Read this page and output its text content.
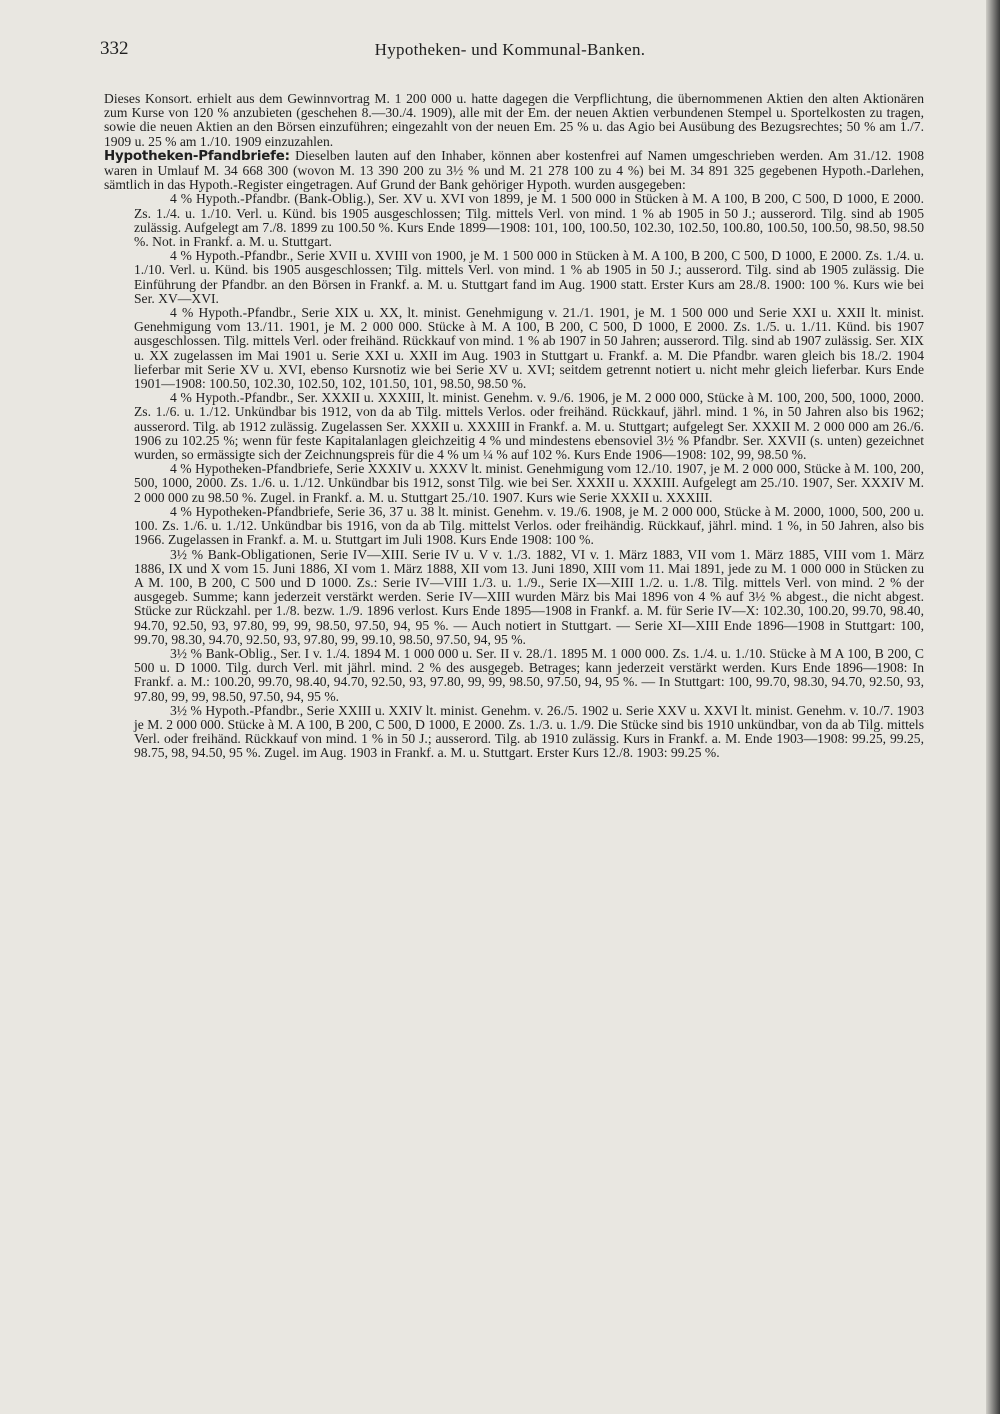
332	Hypotheken- und Kommunal-Banken.

Dieses Konsort. erhielt aus dem Gewinnvortrag M. 1 200 000 u. hatte dagegen die Verpflichtung, die übernommenen Aktien den alten Aktionären zum Kurse von 120 % anzubieten (geschehen 8.—30./4. 1909), alle mit der Em. der neuen Aktien verbundenen Stempel u. Sportelkosten zu tragen, sowie die neuen Aktien an den Börsen einzuführen; eingezahlt von der neuen Em. 25 % u. das Agio bei Ausübung des Bezugsrechtes; 50 % am 1./7. 1909 u. 25 % am 1./10. 1909 einzuzahlen.

Hypotheken-Pfandbriefe: Dieselben lauten auf den Inhaber, können aber kostenfrei auf Namen umgeschrieben werden. Am 31./12. 1908 waren in Umlauf M. 34 668 300 (wovon M. 13 390 200 zu 3½ % und M. 21 278 100 zu 4 %) bei M. 34 891 325 gegebenen Hypoth.-Darlehen, sämtlich in das Hypoth.-Register eingetragen. Auf Grund der Bank gehöriger Hypoth. wurden ausgegeben:

4 % Hypoth.-Pfandbr. (Bank-Oblig.), Ser. XV u. XVI von 1899, je M. 1 500 000 in Stücken à M. A 100, B 200, C 500, D 1000, E 2000. Zs. 1./4. u. 1./10. Verl. u. Künd. bis 1905 ausgeschlossen; Tilg. mittels Verl. von mind. 1 % ab 1905 in 50 J.; ausserord. Tilg. sind ab 1905 zulässig. Aufgelegt am 7./8. 1899 zu 100.50 %. Kurs Ende 1899—1908: 101, 100, 100.50, 102.30, 102.50, 100.80, 100.50, 100.50, 98.50, 98.50 %. Not. in Frankf. a. M. u. Stuttgart.

4 % Hypoth.-Pfandbr., Serie XVII u. XVIII von 1900, je M. 1 500 000 in Stücken à M. A 100, B 200, C 500, D 1000, E 2000. Zs. 1./4. u. 1./10. Verl. u. Künd. bis 1905 ausgeschlossen; Tilg. mittels Verl. von mind. 1 % ab 1905 in 50 J.; ausserord. Tilg. sind ab 1905 zulässig. Die Einführung der Pfandbr. an den Börsen in Frankf. a. M. u. Stuttgart fand im Aug. 1900 statt. Erster Kurs am 28./8. 1900: 100 %. Kurs wie bei Ser. XV—XVI.

4 % Hypoth.-Pfandbr., Serie XIX u. XX, lt. minist. Genehmigung v. 21./1. 1901, je M. 1 500 000 und Serie XXI u. XXII lt. minist. Genehmigung vom 13./11. 1901, je M. 2 000 000. Stücke à M. A 100, B 200, C 500, D 1000, E 2000. Zs. 1./5. u. 1./11. Künd. bis 1907 ausgeschlossen. Tilg. mittels Verl. oder freihänd. Rückkauf von mind. 1 % ab 1907 in 50 Jahren; ausserord. Tilg. sind ab 1907 zulässig. Ser. XIX u. XX zugelassen im Mai 1901 u. Serie XXI u. XXII im Aug. 1903 in Stuttgart u. Frankf. a. M. Die Pfandbr. waren gleich bis 18./2. 1904 lieferbar mit Serie XV u. XVI, ebenso Kursnotiz wie bei Serie XV u. XVI; seitdem getrennt notiert u. nicht mehr gleich lieferbar. Kurs Ende 1901—1908: 100.50, 102.30, 102.50, 102, 101.50, 101, 98.50, 98.50 %.

4 % Hypoth.-Pfandbr., Ser. XXXII u. XXXIII, lt. minist. Genehm. v. 9./6. 1906, je M. 2 000 000, Stücke à M. 100, 200, 500, 1000, 2000. Zs. 1./6. u. 1./12. Unkündbar bis 1912, von da ab Tilg. mittels Verlos. oder freihänd. Rückkauf, jährl. mind. 1 %, in 50 Jahren also bis 1962; ausserord. Tilg. ab 1912 zulässig. Zugelassen Ser. XXXII u. XXXIII in Frankf. a. M. u. Stuttgart; aufgelegt Ser. XXXII M. 2 000 000 am 26./6. 1906 zu 102.25 %; wenn für feste Kapitalanlagen gleichzeitig 4 % und mindestens ebensoviel 3½ % Pfandbr. Ser. XXVII (s. unten) gezeichnet wurden, so ermässigte sich der Zeichnungspreis für die 4 % um ¼ % auf 102 %. Kurs Ende 1906—1908: 102, 99, 98.50 %.

4 % Hypotheken-Pfandbriefe, Serie XXXIV u. XXXV lt. minist. Genehmigung vom 12./10. 1907, je M. 2 000 000, Stücke à M. 100, 200, 500, 1000, 2000. Zs. 1./6. u. 1./12. Unkündbar bis 1912, sonst Tilg. wie bei Ser. XXXII u. XXXIII. Aufgelegt am 25./10. 1907, Ser. XXXIV M. 2 000 000 zu 98.50 %. Zugel. in Frankf. a. M. u. Stuttgart 25./10. 1907. Kurs wie Serie XXXII u. XXXIII.

4 % Hypotheken-Pfandbriefe, Serie 36, 37 u. 38 lt. minist. Genehm. v. 19./6. 1908, je M. 2 000 000, Stücke à M. 2000, 1000, 500, 200 u. 100. Zs. 1./6. u. 1./12. Unkündbar bis 1916, von da ab Tilg. mittelst Verlos. oder freihändig. Rückkauf, jährl. mind. 1 %, in 50 Jahren, also bis 1966. Zugelassen in Frankf. a. M. u. Stuttgart im Juli 1908. Kurs Ende 1908: 100 %.

3½ % Bank-Obligationen, Serie IV—XIII. Serie IV u. V v. 1./3. 1882, VI v. 1. März 1883, VII vom 1. März 1885, VIII vom 1. März 1886, IX und X vom 15. Juni 1886, XI vom 1. März 1888, XII vom 13. Juni 1890, XIII vom 11. Mai 1891, jede zu M. 1 000 000 in Stücken zu A M. 100, B 200, C 500 und D 1000. Zs.: Serie IV—VIII 1./3. u. 1./9., Serie IX—XIII 1./2. u. 1./8. Tilg. mittels Verl. von mind. 2 % der ausgegeb. Summe; kann jederzeit verstärkt werden. Serie IV—XIII wurden März bis Mai 1896 von 4 % auf 3½ % abgest., die nicht abgest. Stücke zur Rückzahl. per 1./8. bezw. 1./9. 1896 verlost. Kurs Ende 1895—1908 in Frankf. a. M. für Serie IV—X: 102.30, 100.20, 99.70, 98.40, 94.70, 92.50, 93, 97.80, 99, 99, 98.50, 97.50, 94, 95 %. — Auch notiert in Stuttgart. — Serie XI—XIII Ende 1896—1908 in Stuttgart: 100, 99.70, 98.30, 94.70, 92.50, 93, 97.80, 99, 99.10, 98.50, 97.50, 94, 95 %.

3½ % Bank-Oblig., Ser. I v. 1./4. 1894 M. 1 000 000 u. Ser. II v. 28./1. 1895 M. 1 000 000. Zs. 1./4. u. 1./10. Stücke à M A 100, B 200, C 500 u. D 1000. Tilg. durch Verl. mit jährl. mind. 2 % des ausgegeb. Betrages; kann jederzeit verstärkt werden. Kurs Ende 1896—1908: In Frankf. a. M.: 100.20, 99.70, 98.40, 94.70, 92.50, 93, 97.80, 99, 99, 98.50, 97.50, 94, 95 %. — In Stuttgart: 100, 99.70, 98.30, 94.70, 92.50, 93, 97.80, 99, 99, 98.50, 97.50, 94, 95 %.

3½ % Hypoth.-Pfandbr., Serie XXIII u. XXIV lt. minist. Genehm. v. 26./5. 1902 u. Serie XXV u. XXVI lt. minist. Genehm. v. 10./7. 1903 je M. 2 000 000. Stücke à M. A 100, B 200, C 500, D 1000, E 2000. Zs. 1./3. u. 1./9. Die Stücke sind bis 1910 unkündbar, von da ab Tilg. mittels Verl. oder freihänd. Rückkauf von mind. 1 % in 50 J.; ausserord. Tilg. ab 1910 zulässig. Kurs in Frankf. a. M. Ende 1903—1908: 99.25, 99.25, 98.75, 98, 94.50, 95 %. Zugel. im Aug. 1903 in Frankf. a. M. u. Stuttgart. Erster Kurs 12./8. 1903: 99.25 %.
